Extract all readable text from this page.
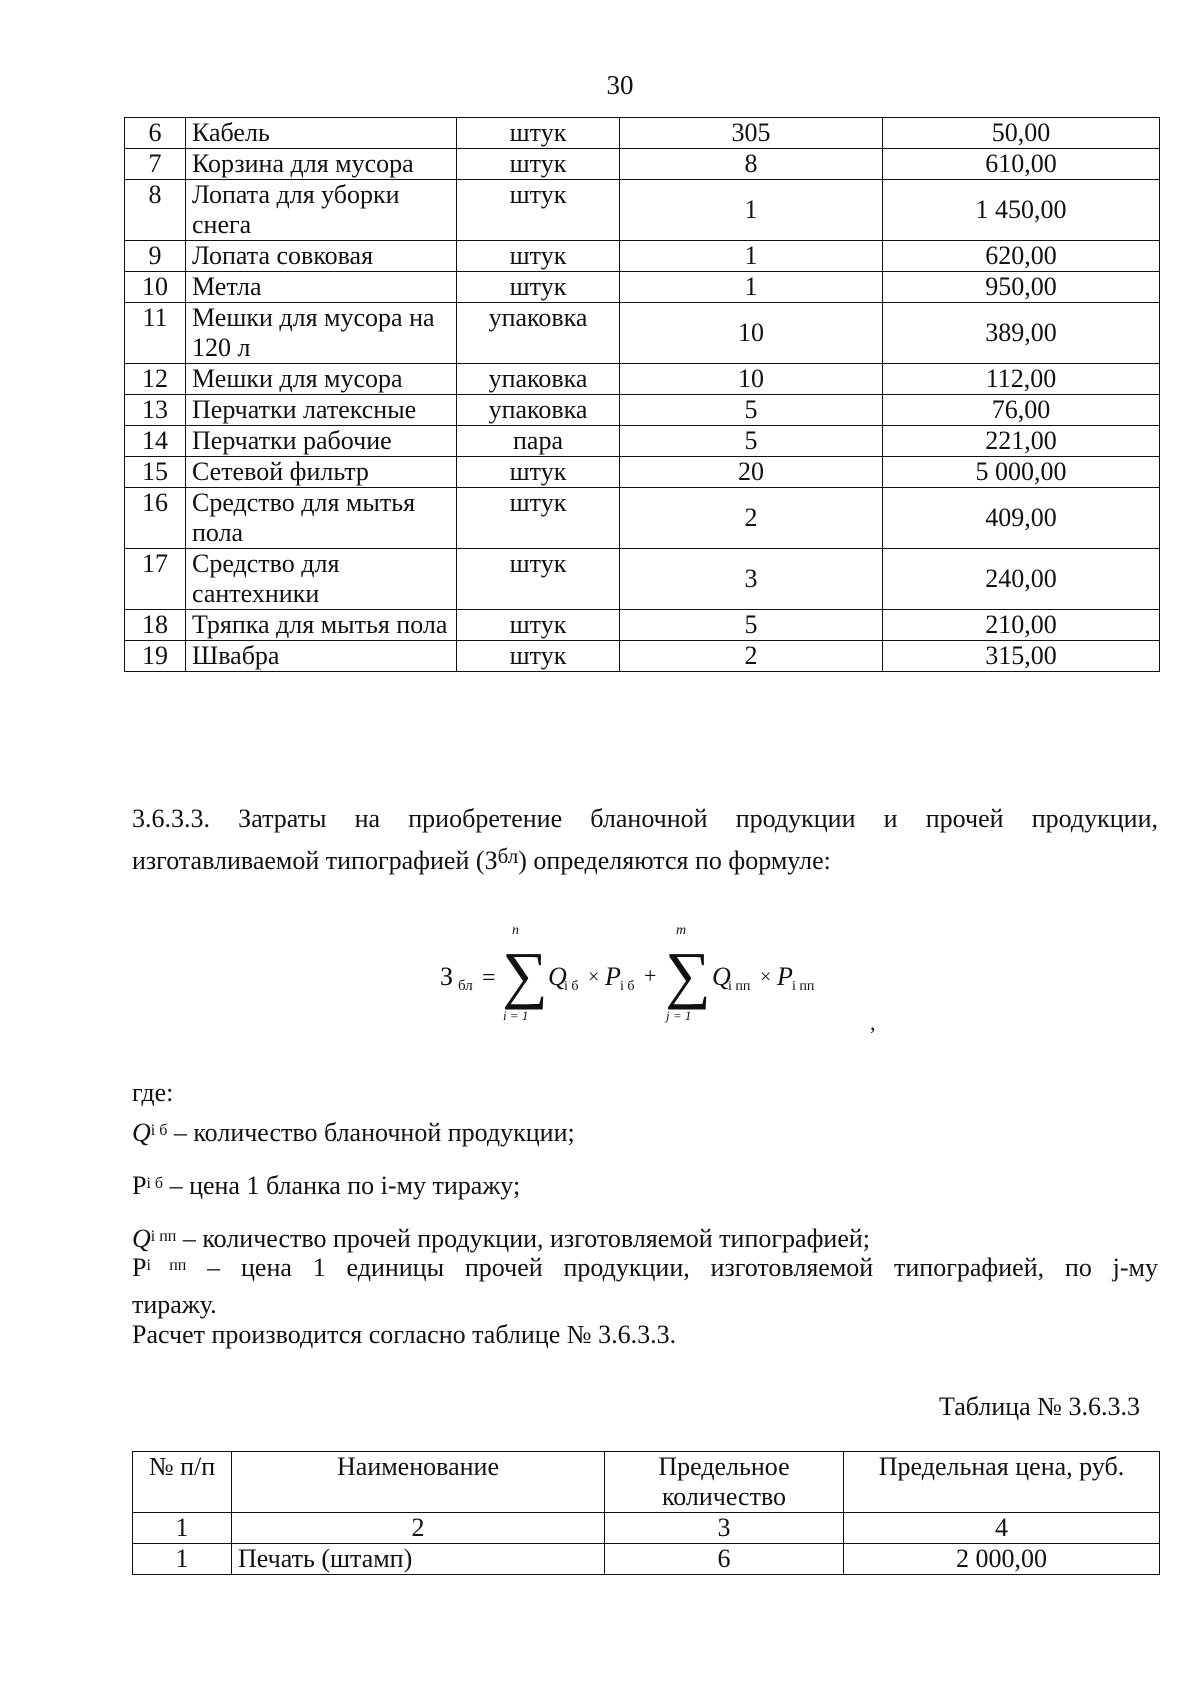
30
6	Кабель	штук	305	50,00
7	Корзина для мусора	штук	8	610,00
8	Лопата для уборки снега	штук	1	1 450,00
9	Лопата совковая	штук	1	620,00
10	Метла	штук	1	950,00
11	Мешки для мусора на 120 л	упаковка	10	389,00
12	Мешки для мусора	упаковка	10	112,00
13	Перчатки латексные	упаковка	5	76,00
14	Перчатки рабочие	пара	5	221,00
15	Сетевой фильтр	штук	20	5 000,00
16	Средство для мытья пола	штук	2	409,00
17	Средство для сантехники	штук	3	240,00
18	Тряпка для мытья пола	штук	5	210,00
19	Швабра	штук	2	315,00
3.6.3.3. Затраты на приобретение бланочной продукции и прочей продукции,
изготавливаемой типографией $(З^{бл})$ определяются по формуле:
З бл =
n
∑
i = 1
Q
i б × P i б +
m
∑
j = 1
Q
i пп × P i пп
,
где:
$Q^{i б}$ – количество бланочной продукции;
$P^{i б}$ – цена 1 бланка по i-му тиражу;
$Q^{i пп}$ – количество прочей продукции, изготовляемой типографией;
$P^{i пп}$ – цена 1 единицы прочей продукции, изготовляемой типографией, по j-му
тиражу.
Расчет производится согласно таблице № 3.6.3.3.
Таблица № 3.6.3.3
№ п/п	Наименование	Предельное количество	Предельная цена, руб.
1	2	3	4
1	Печать (штамп)	6	2 000,00
